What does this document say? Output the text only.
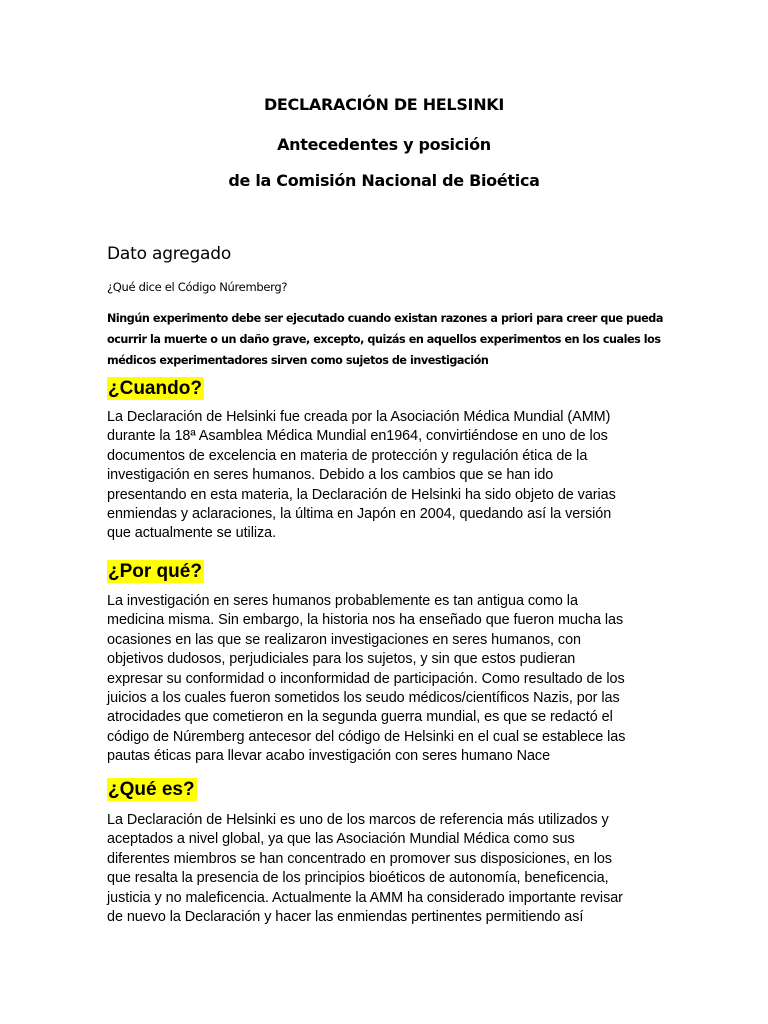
DECLARACIÓN DE HELSINKI
Antecedentes y posición
de la Comisión Nacional de Bioética
Dato agregado
¿Qué dice el Código Núremberg?
Ningún experimento debe ser ejecutado cuando existan razones a priori para creer que pueda
ocurrir la muerte o un daño grave, excepto, quizás en aquellos experimentos en los cuales los
médicos experimentadores sirven como sujetos de investigación
¿Cuando?
La Declaración de Helsinki fue creada por la Asociación Médica Mundial (AMM)
durante la 18ª Asamblea Médica Mundial en1964, convirtiéndose en uno de los
documentos de excelencia en materia de protección y regulación ética de la
investigación en seres humanos. Debido a los cambios que se han ido
presentando en esta materia, la Declaración de Helsinki ha sido objeto de varias
enmiendas y aclaraciones, la última en Japón en 2004, quedando así la versión
que actualmente se utiliza.
¿Por qué?
La investigación en seres humanos probablemente es tan antigua como la
medicina misma. Sin embargo, la historia nos ha enseñado que fueron mucha las
ocasiones en las que se realizaron investigaciones en seres humanos, con
objetivos dudosos, perjudiciales para los sujetos, y sin que estos pudieran
expresar su conformidad o inconformidad de participación. Como resultado de los
juicios a los cuales fueron sometidos los seudo médicos/científicos Nazis, por las
atrocidades que cometieron en la segunda guerra mundial, es que se redactó el
código de Núremberg antecesor del código de Helsinki en el cual se establece las
pautas éticas para llevar acabo investigación con seres humano Nace
¿Qué es?
La Declaración de Helsinki es uno de los marcos de referencia más utilizados y
aceptados a nivel global, ya que las Asociación Mundial Médica como sus
diferentes miembros se han concentrado en promover sus disposiciones, en los
que resalta la presencia de los principios bioéticos de autonomía, beneficencia,
justicia y no maleficencia. Actualmente la AMM ha considerado importante revisar
de nuevo la Declaración y hacer las enmiendas pertinentes permitiendo así
